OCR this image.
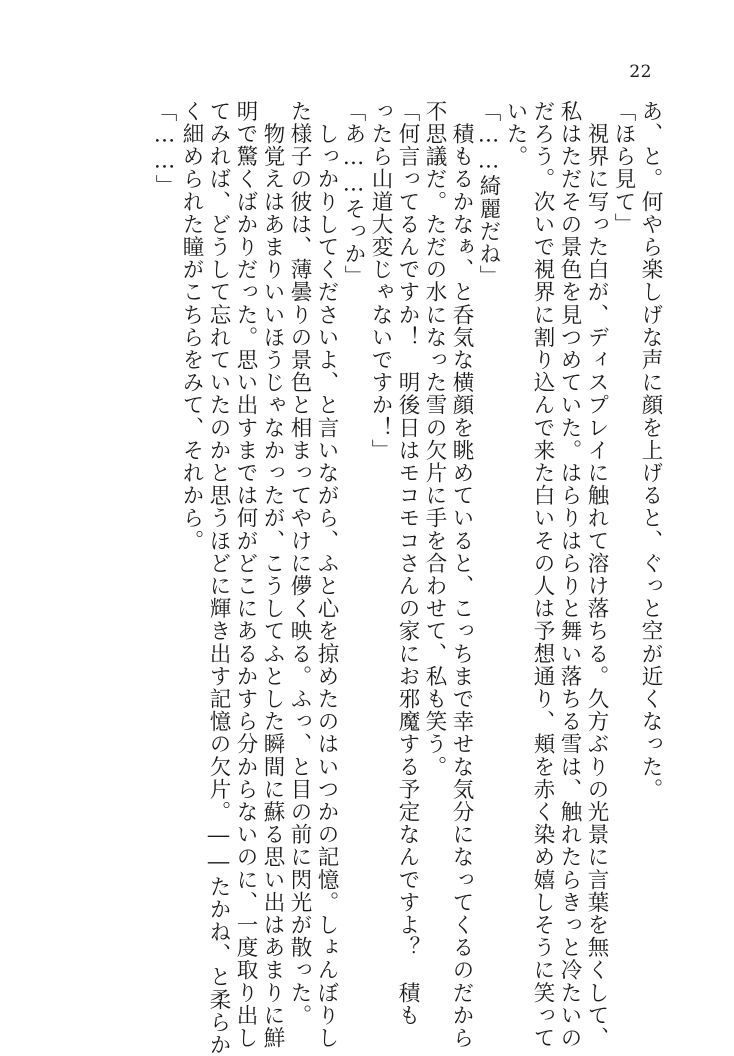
22
あ、と。何やら楽しげな声に顔を上げると、ぐっと空が近くなった。
「ほら見て」
　視界に写った白が、ディスプレイに触れて溶け落ちる。久方ぶりの光景に言葉を無くして、
私はただその景色を見つめていた。はらりはらりと舞い落ちる雪は、触れたらきっと冷たいの
だろう。次いで視界に割り込んで来た白いその人は予想通り、頬を赤く染め嬉しそうに笑って
いた。
「……綺麗だね」
　積もるかなぁ、と呑気な横顔を眺めていると、こっちまで幸せな気分になってくるのだから
不思議だ。ただの水になった雪の欠片に手を合わせて、私も笑う。
「何言ってるんですか！　明後日はモコモコさんの家にお邪魔する予定なんですよ？　積も
ったら山道大変じゃないですか！」
「あ……そっか」
　しっかりしてくださいよ、と言いながら、ふと心を掠めたのはいつかの記憶。しょんぼりし
た様子の彼は、薄曇りの景色と相まってやけに儚く映る。ふっ、と目の前に閃光が散った。
　物覚えはあまりいいほうじゃなかったが、こうしてふとした瞬間に蘇る思い出はあまりに鮮
明で驚くばかりだった。思い出すまでは何がどこにあるかすら分からないのに、一度取り出し
てみれば、どうして忘れていたのかと思うほどに輝き出す記憶の欠片。――たかね、と柔らか
く細められた瞳がこちらをみて、それから。
「……」
